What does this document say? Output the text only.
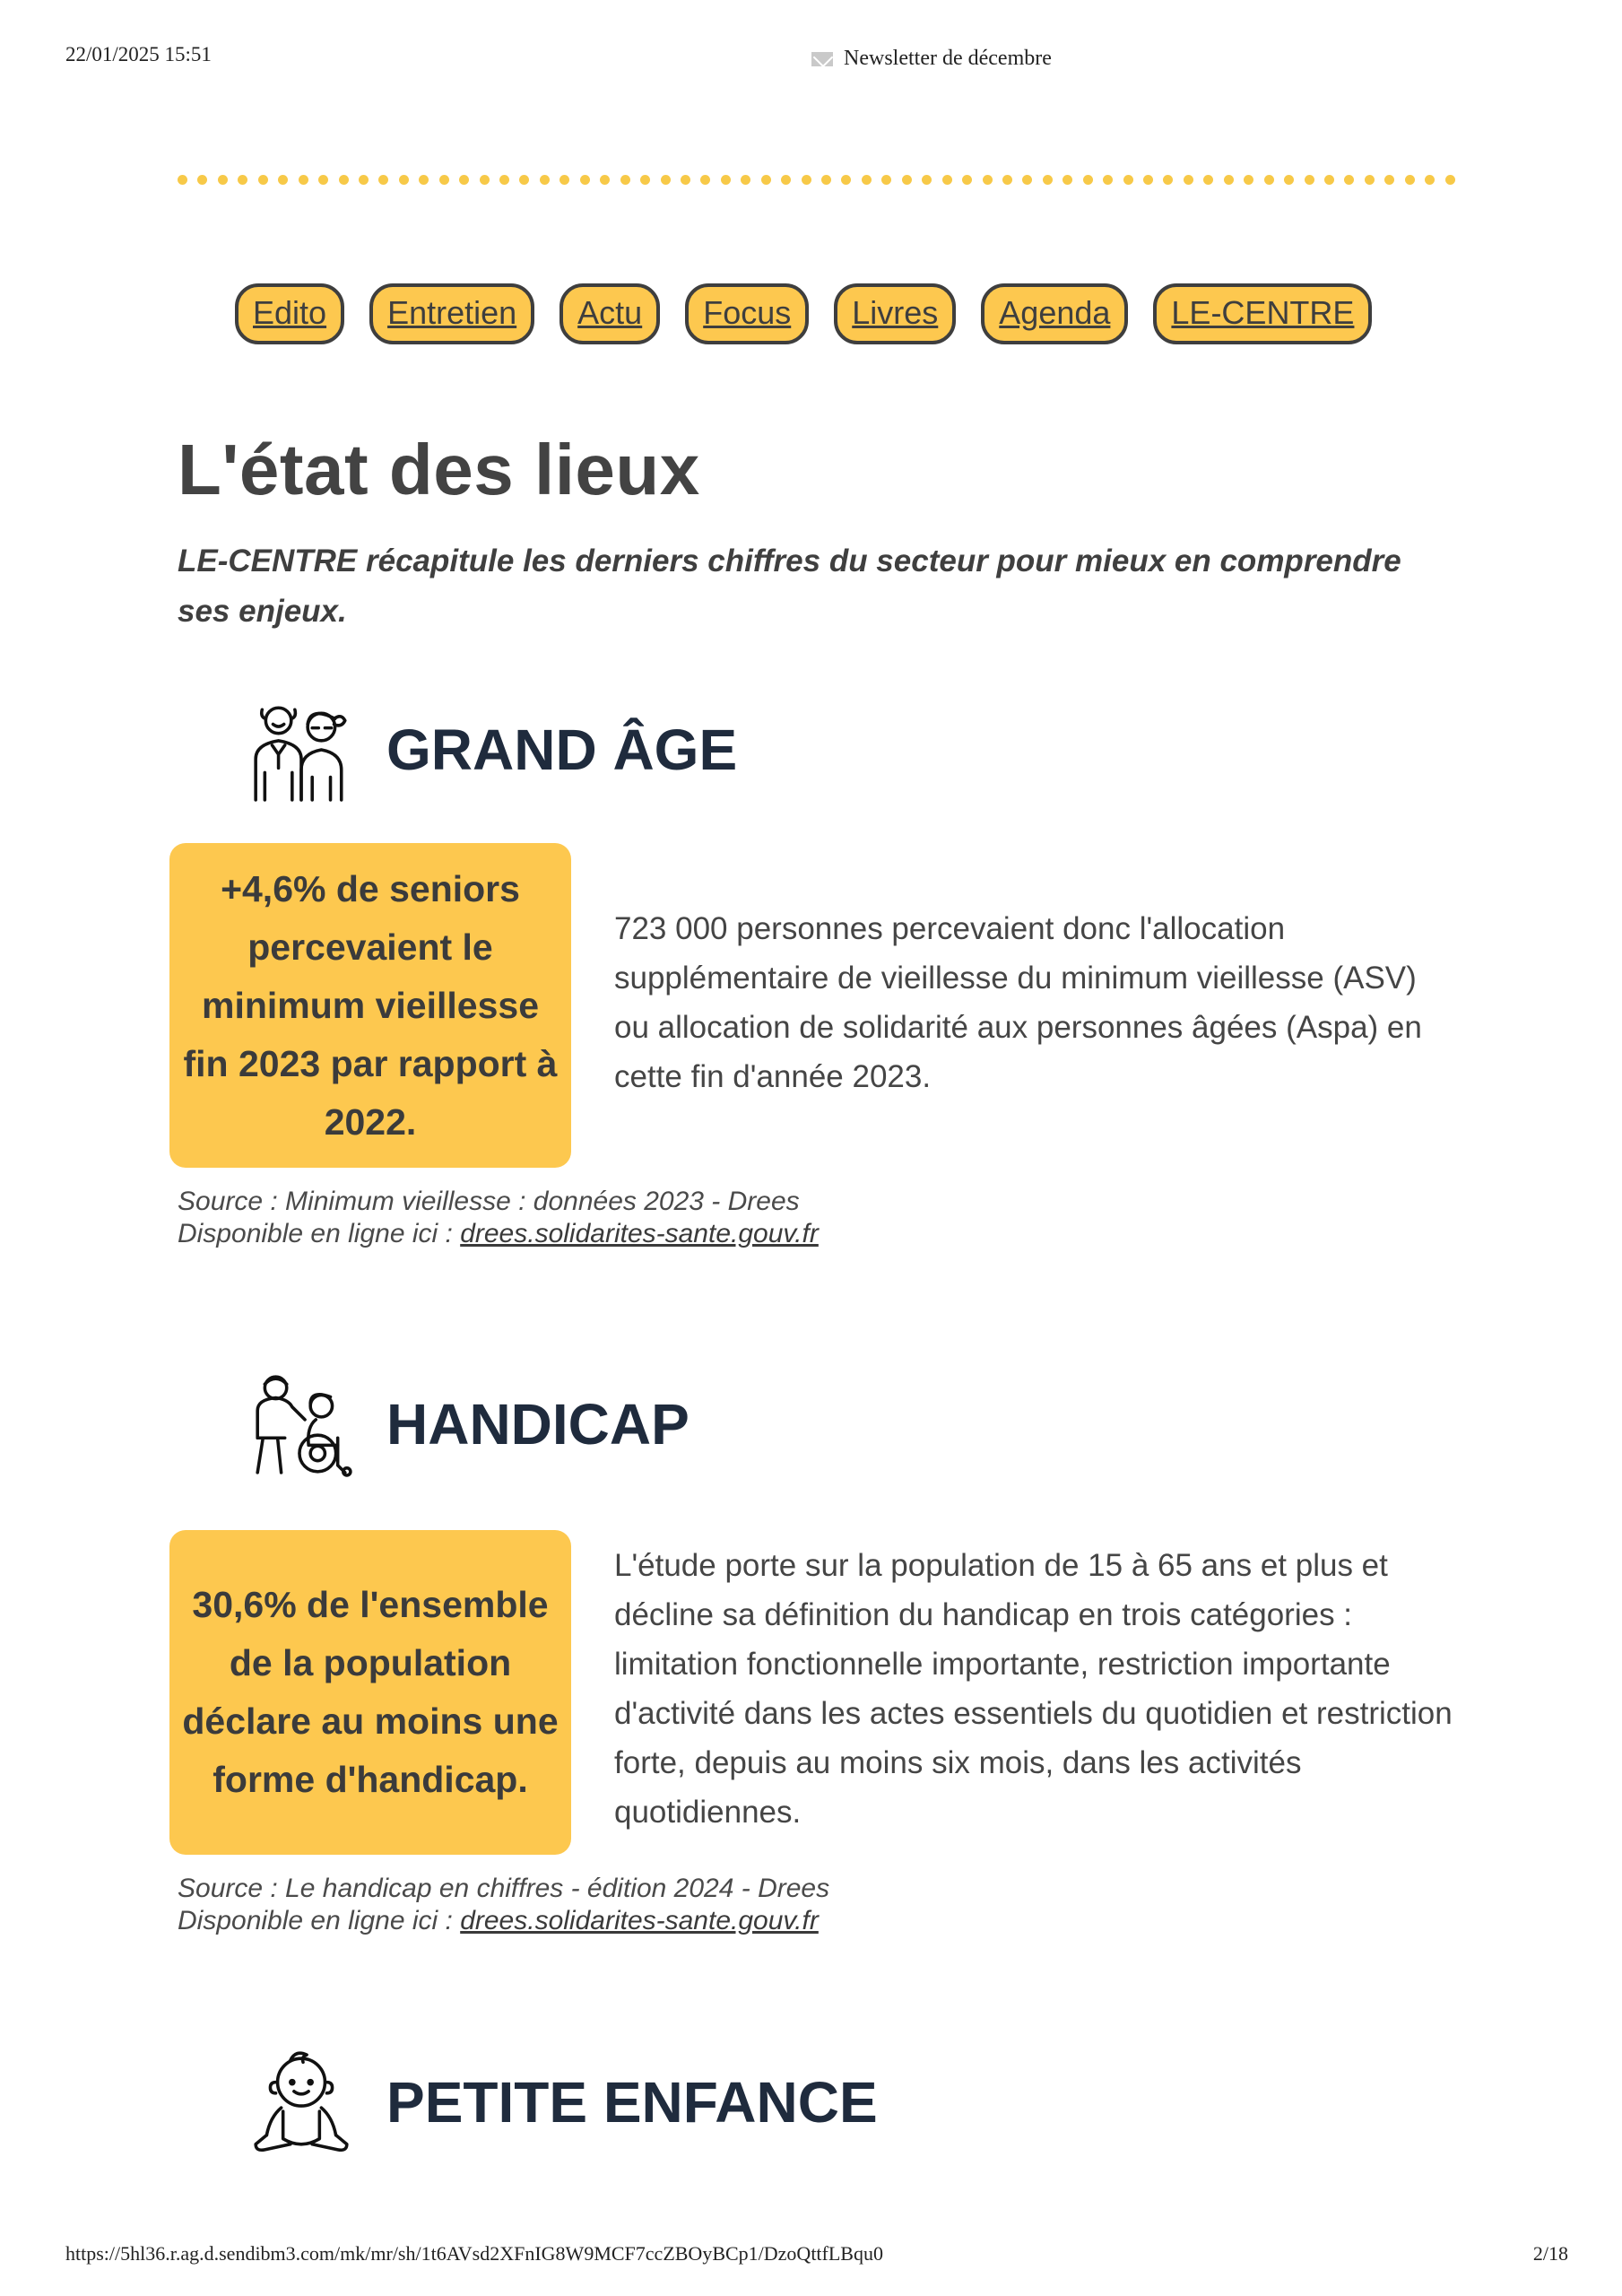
22/01/2025 15:51	Newsletter de décembre
Edito	Entretien	Actu	Focus	Livres	Agenda	LE-CENTRE
L'état des lieux

LE-CENTRE récapitule les derniers chiffres du secteur pour mieux en comprendre ses enjeux.

GRAND ÂGE
+4,6% de seniors percevaient le minimum vieillesse fin 2023 par rapport à 2022.

723 000 personnes percevaient donc l'allocation supplémentaire de vieillesse du minimum vieillesse (ASV) ou allocation de solidarité aux personnes âgées (Aspa) en cette fin d'année 2023.

Source : Minimum vieillesse : données 2023 - Drees
Disponible en ligne ici : drees.solidarites-sante.gouv.fr
HANDICAP
30,6% de l'ensemble de la population déclare au moins une forme d'handicap.

L'étude porte sur la population de 15 à 65 ans et plus et décline sa définition du handicap en trois catégories : limitation fonctionnelle importante, restriction importante d'activité dans les actes essentiels du quotidien et restriction forte, depuis au moins six mois, dans les activités quotidiennes.

Source : Le handicap en chiffres - édition 2024 - Drees
Disponible en ligne ici : drees.solidarites-sante.gouv.fr
PETITE ENFANCE
https://5hl36.r.ag.d.sendibm3.com/mk/mr/sh/1t6AVsd2XFnIG8W9MCF7ccZBOyBCp1/DzoQttfLBqu0	2/18
